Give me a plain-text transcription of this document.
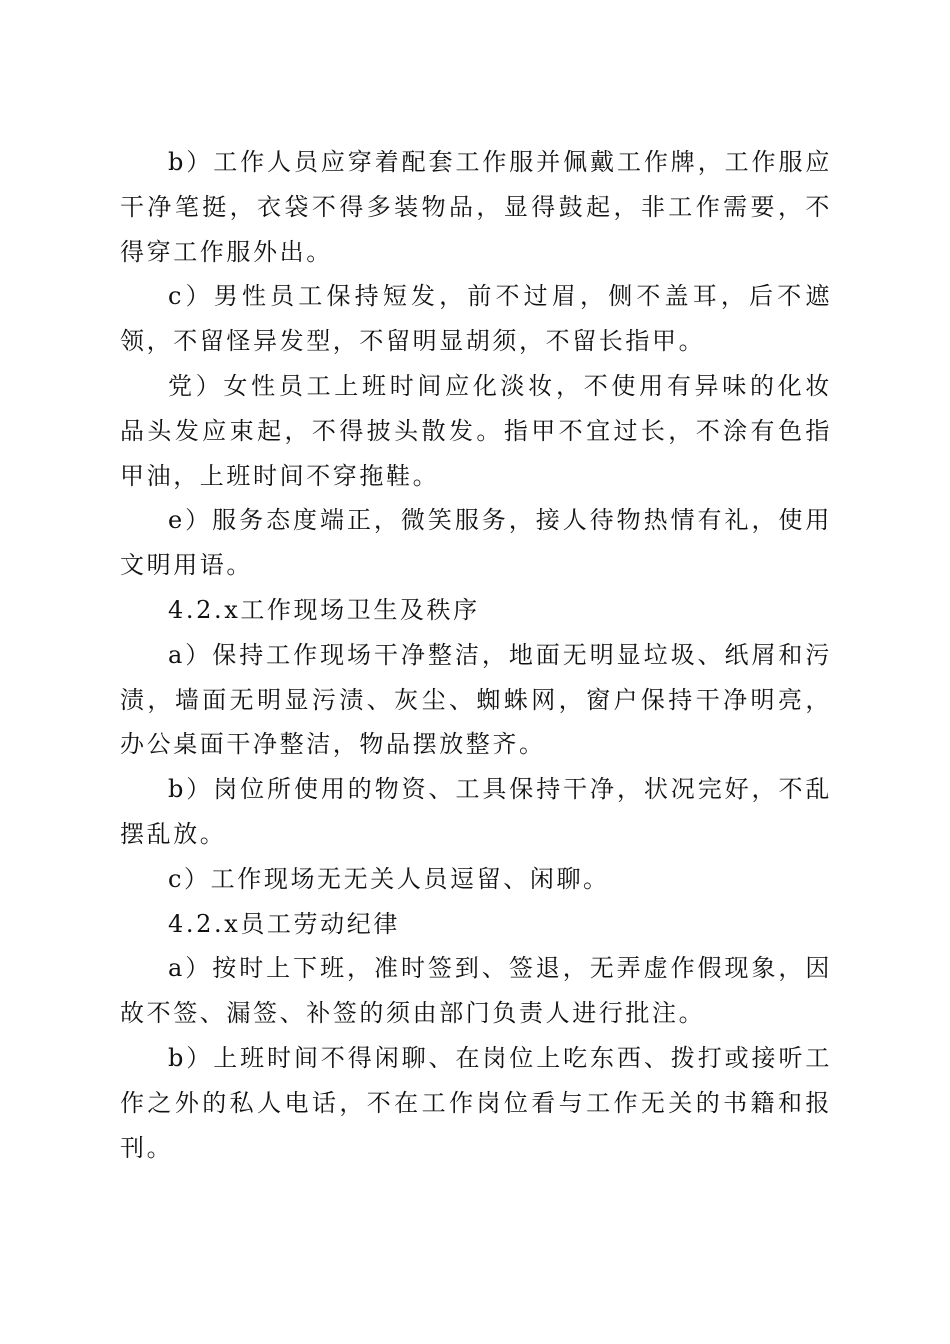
b）工作人员应穿着配套工作服并佩戴工作牌，工作服应干净笔挺，衣袋不得多装物品，显得鼓起，非工作需要，不得穿工作服外出。

c）男性员工保持短发，前不过眉，侧不盖耳，后不遮领，不留怪异发型，不留明显胡须，不留长指甲。

党）女性员工上班时间应化淡妆，不使用有异味的化妆品头发应束起，不得披头散发。指甲不宜过长，不涂有色指甲油，上班时间不穿拖鞋。

e）服务态度端正，微笑服务，接人待物热情有礼，使用文明用语。

4.2.x工作现场卫生及秩序

a）保持工作现场干净整洁，地面无明显垃圾、纸屑和污渍，墙面无明显污渍、灰尘、蜘蛛网，窗户保持干净明亮，办公桌面干净整洁，物品摆放整齐。

b）岗位所使用的物资、工具保持干净，状况完好，不乱摆乱放。

c）工作现场无无关人员逗留、闲聊。

4.2.x员工劳动纪律

a）按时上下班，准时签到、签退，无弄虚作假现象，因故不签、漏签、补签的须由部门负责人进行批注。

b）上班时间不得闲聊、在岗位上吃东西、拨打或接听工作之外的私人电话，不在工作岗位看与工作无关的书籍和报刊。
